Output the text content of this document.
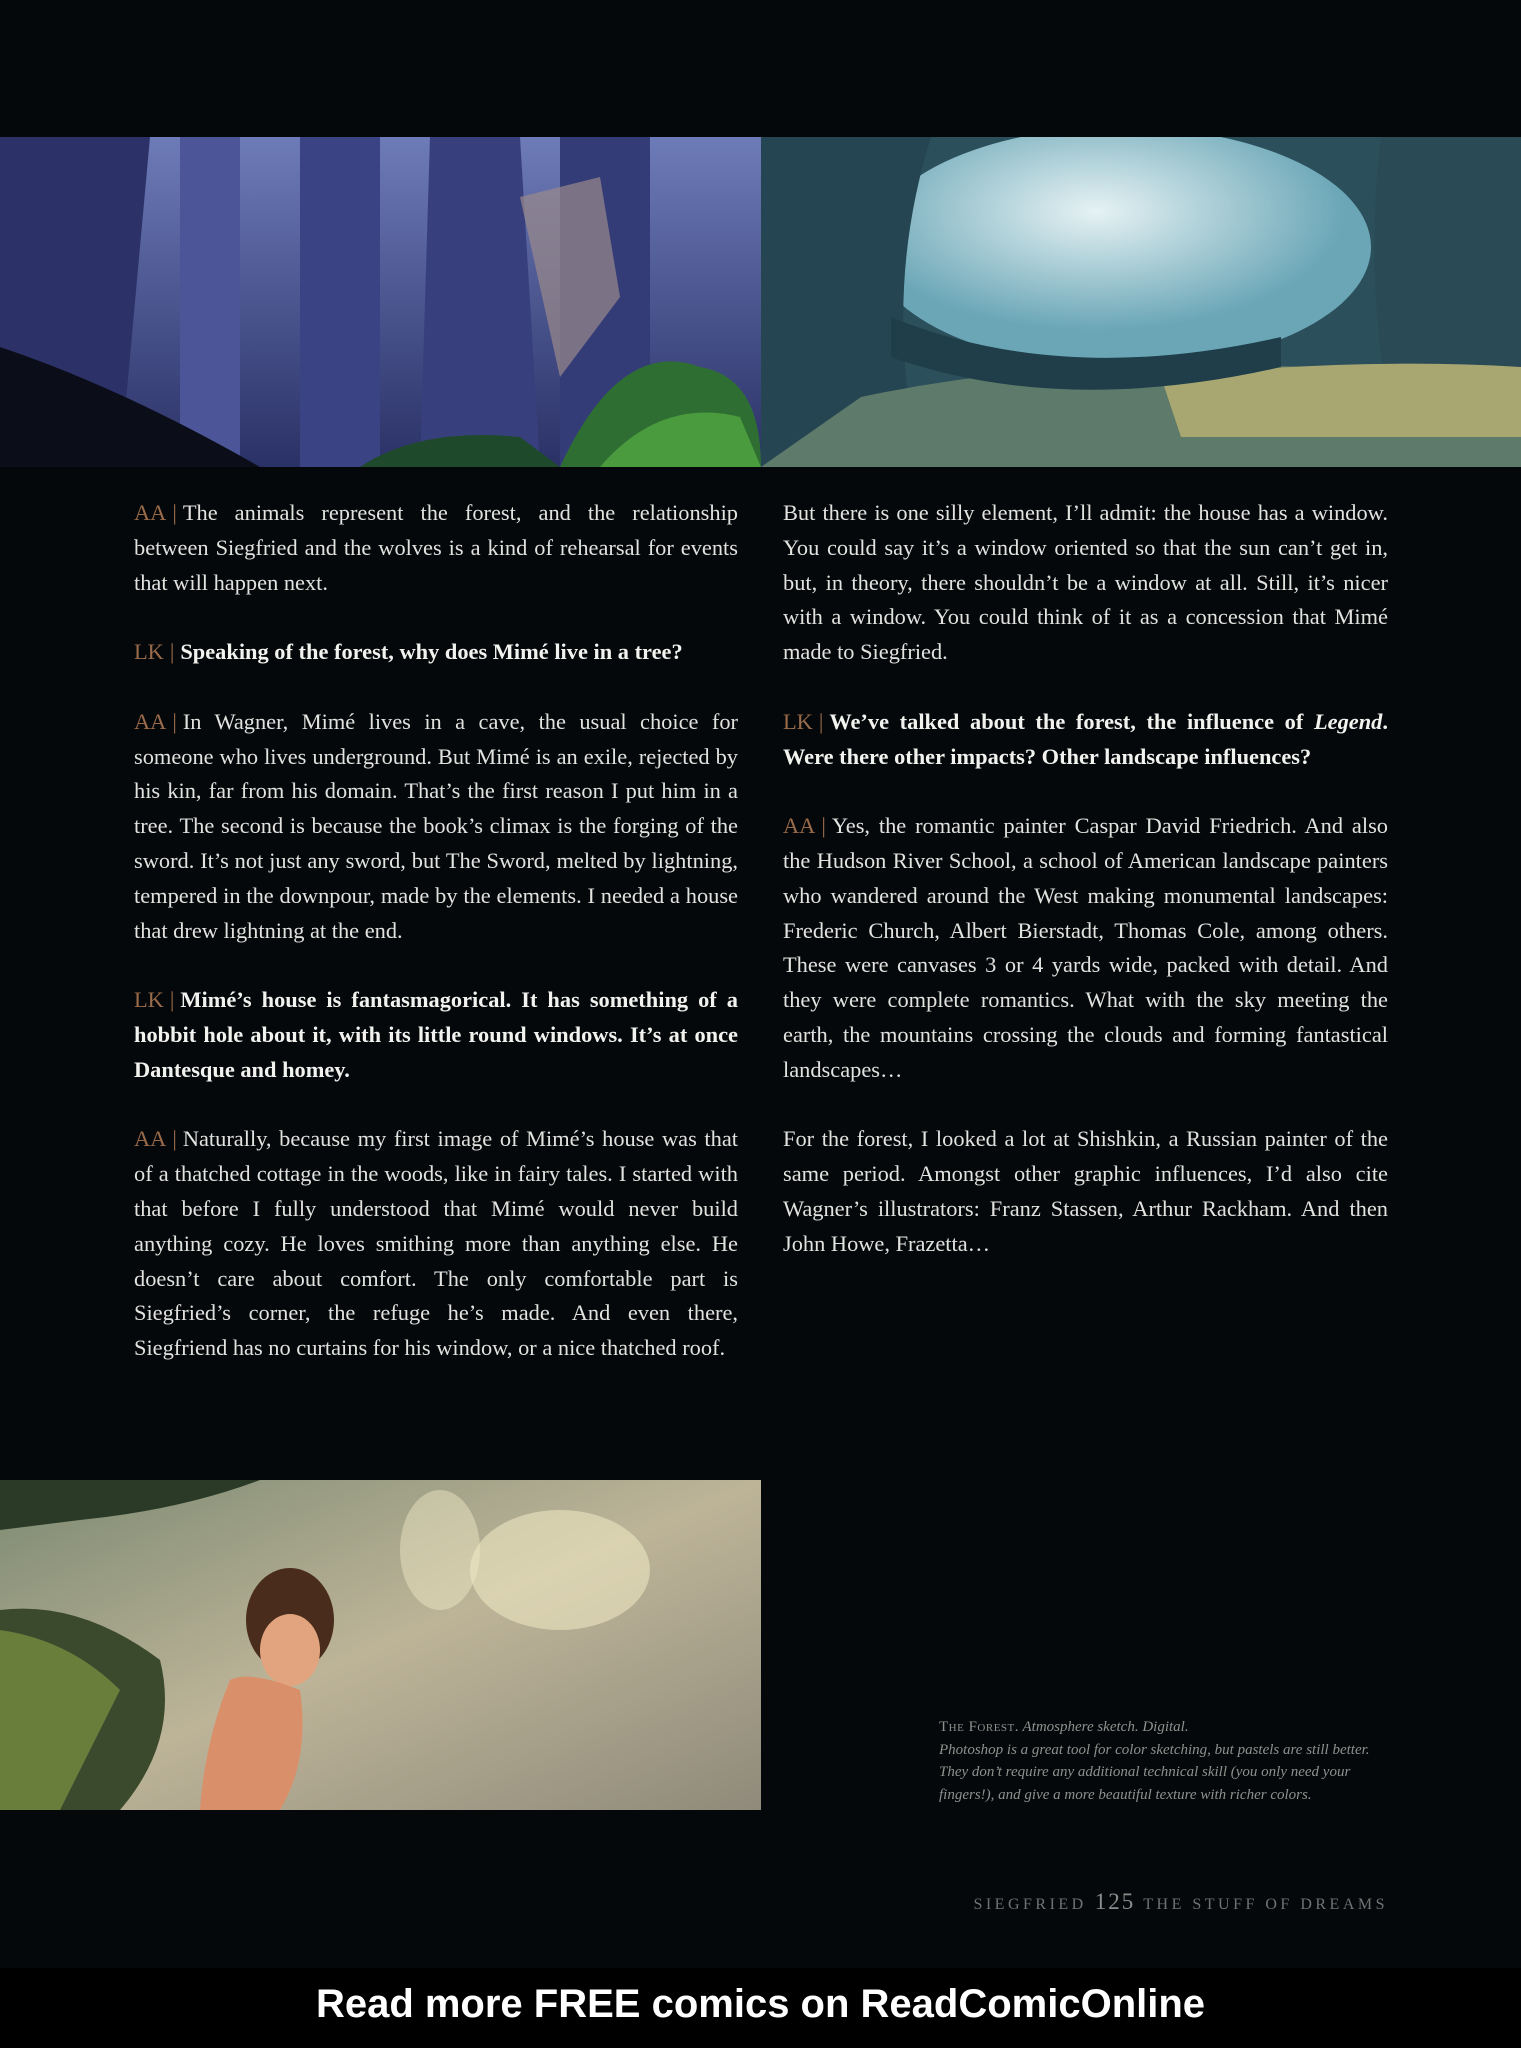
AA | The animals represent the forest, and the relationship between Siegfried and the wolves is a kind of rehearsal for events that will happen next.

LK | Speaking of the forest, why does Mimé live in a tree?

AA | In Wagner, Mimé lives in a cave, the usual choice for someone who lives underground. But Mimé is an exile, rejected by his kin, far from his domain. That’s the first reason I put him in a tree. The second is because the book’s climax is the forging of the sword. It’s not just any sword, but The Sword, melted by lightning, tempered in the downpour, made by the elements. I needed a house that drew lightning at the end.

LK | Mimé’s house is fantasmagorical. It has something of a hobbit hole about it, with its little round windows. It’s at once Dantesque and homey.

AA | Naturally, because my first image of Mimé’s house was that of a thatched cottage in the woods, like in fairy tales. I started with that before I fully understood that Mimé would never build anything cozy. He loves smithing more than anything else. He doesn’t care about comfort. The only comfortable part is Siegfried’s corner, the refuge he’s made. And even there, Siegfriend has no curtains for his window, or a nice thatched roof.

But there is one silly element, I’ll admit: the house has a window. You could say it’s a window oriented so that the sun can’t get in, but, in theory, there shouldn’t be a window at all. Still, it’s nicer with a window. You could think of it as a concession that Mimé made to Siegfried.

LK | We’ve talked about the forest, the influence of Legend. Were there other impacts? Other landscape influences?

AA | Yes, the romantic painter Caspar David Friedrich. And also the Hudson River School, a school of American landscape painters who wandered around the West making monumental landscapes: Frederic Church, Albert Bierstadt, Thomas Cole, among others. These were canvases 3 or 4 yards wide, packed with detail. And they were complete romantics. What with the sky meeting the earth, the mountains crossing the clouds and forming fantastical landscapes…

For the forest, I looked a lot at Shishkin, a Russian painter of the same period. Amongst other graphic influences, I’d also cite Wagner’s illustrators: Franz Stassen, Arthur Rackham. And then John Howe, Frazetta…

The Forest. Atmosphere sketch. Digital.
Photoshop is a great tool for color sketching, but pastels are still better. They don’t require any additional technical skill (you only need your fingers!), and give a more beautiful texture with richer colors.
SIEGFRIED 125 THE STUFF OF DREAMS
Read more FREE comics on ReadComicOnline
